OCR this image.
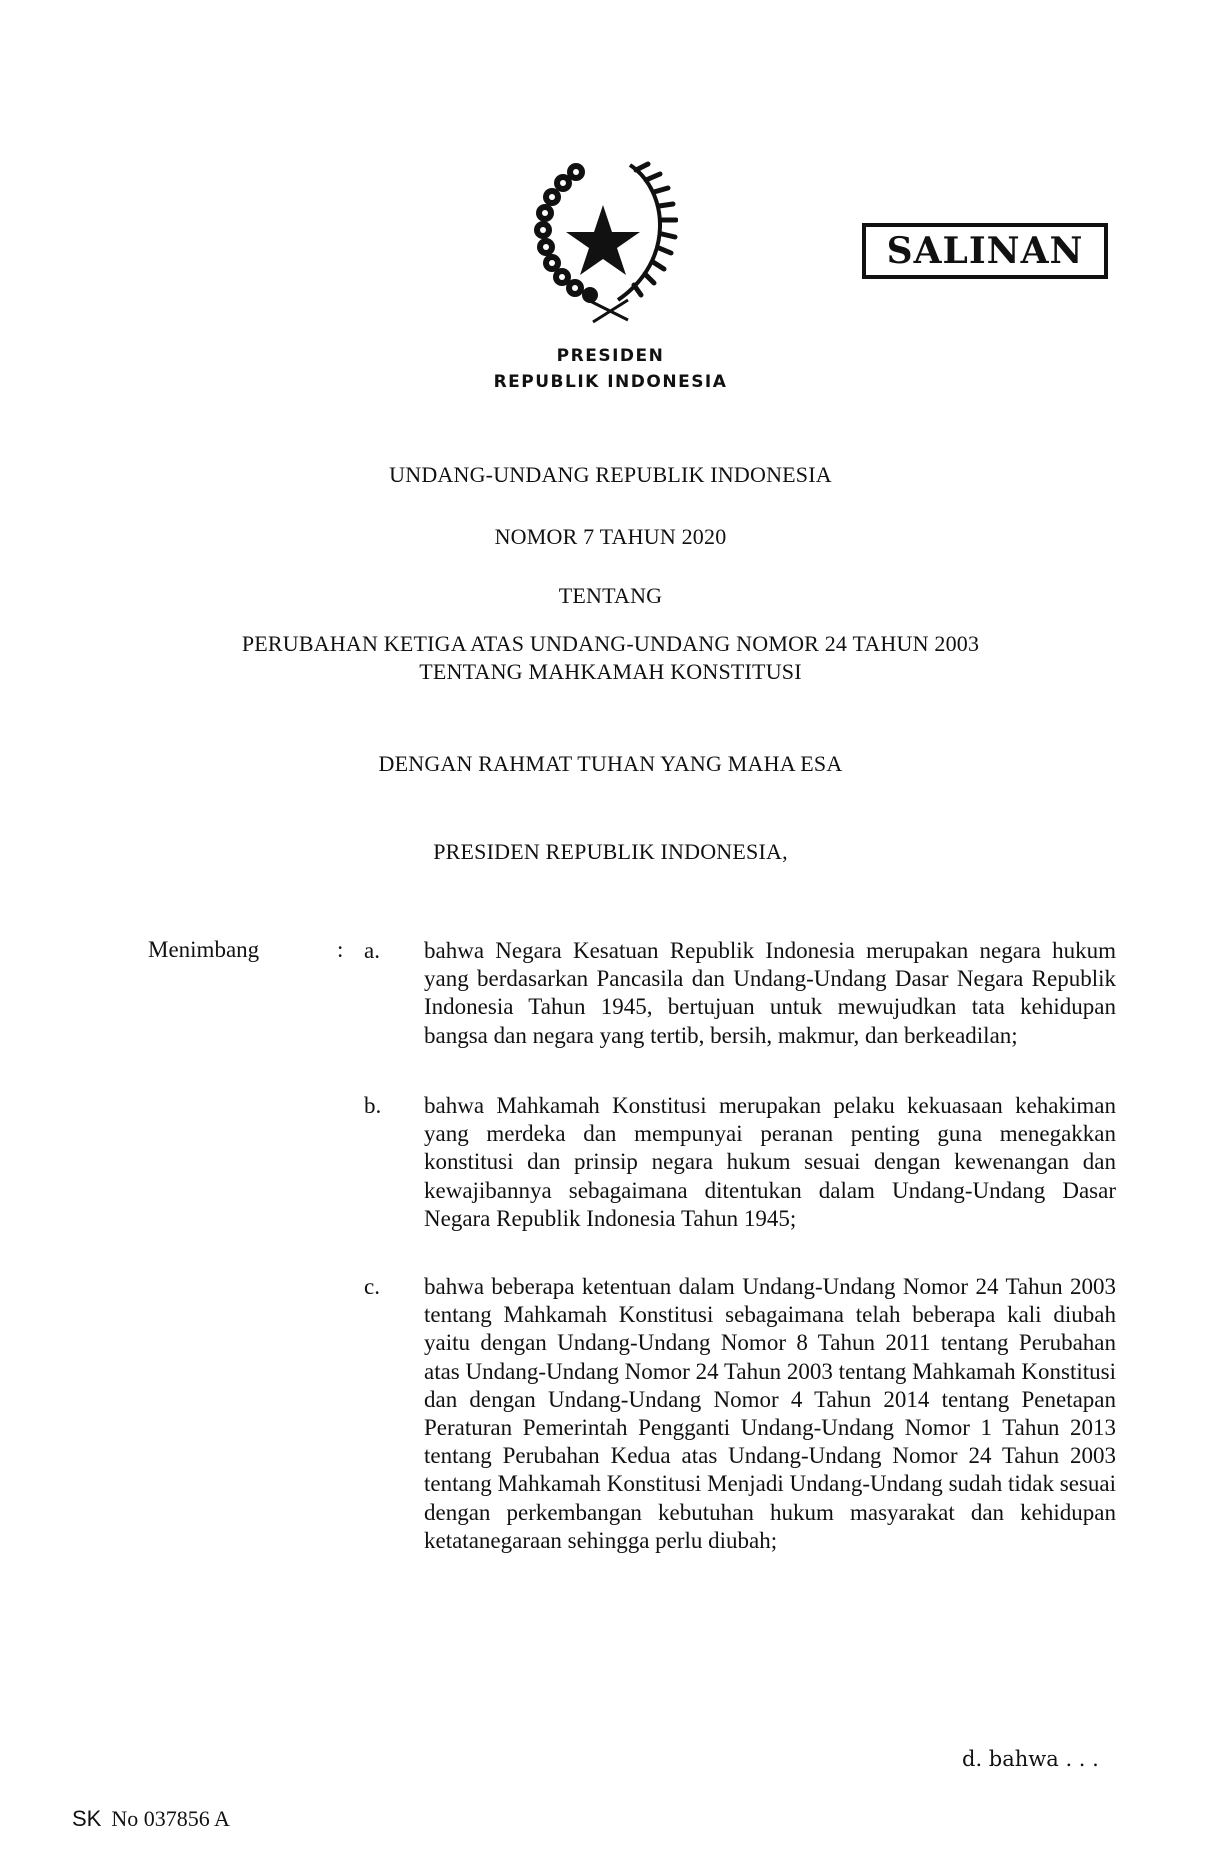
SALINAN
PRESIDEN
REPUBLIK INDONESIA
UNDANG-UNDANG REPUBLIK INDONESIA
NOMOR 7 TAHUN 2020
TENTANG
PERUBAHAN KETIGA ATAS UNDANG-UNDANG NOMOR 24 TAHUN 2003
TENTANG MAHKAMAH KONSTITUSI
DENGAN RAHMAT TUHAN YANG MAHA ESA
PRESIDEN REPUBLIK INDONESIA,
Menimbang	: a. bahwa Negara Kesatuan Republik Indonesia merupakan negara hukum yang berdasarkan Pancasila dan Undang-Undang Dasar Negara Republik Indonesia Tahun 1945, bertujuan untuk mewujudkan tata kehidupan bangsa dan negara yang tertib, bersih, makmur, dan berkeadilan;
b. bahwa Mahkamah Konstitusi merupakan pelaku kekuasaan kehakiman yang merdeka dan mempunyai peranan penting guna menegakkan konstitusi dan prinsip negara hukum sesuai dengan kewenangan dan kewajibannya sebagaimana ditentukan dalam Undang-Undang Dasar Negara Republik Indonesia Tahun 1945;
c. bahwa beberapa ketentuan dalam Undang-Undang Nomor 24 Tahun 2003 tentang Mahkamah Konstitusi sebagaimana telah beberapa kali diubah yaitu dengan Undang-Undang Nomor 8 Tahun 2011 tentang Perubahan atas Undang-Undang Nomor 24 Tahun 2003 tentang Mahkamah Konstitusi dan dengan Undang-Undang Nomor 4 Tahun 2014 tentang Penetapan Peraturan Pemerintah Pengganti Undang-Undang Nomor 1 Tahun 2013 tentang Perubahan Kedua atas Undang-Undang Nomor 24 Tahun 2003 tentang Mahkamah Konstitusi Menjadi Undang-Undang sudah tidak sesuai dengan perkembangan kebutuhan hukum masyarakat dan kehidupan ketatanegaraan sehingga perlu diubah;
d. bahwa . . .
SK No 037856 A
